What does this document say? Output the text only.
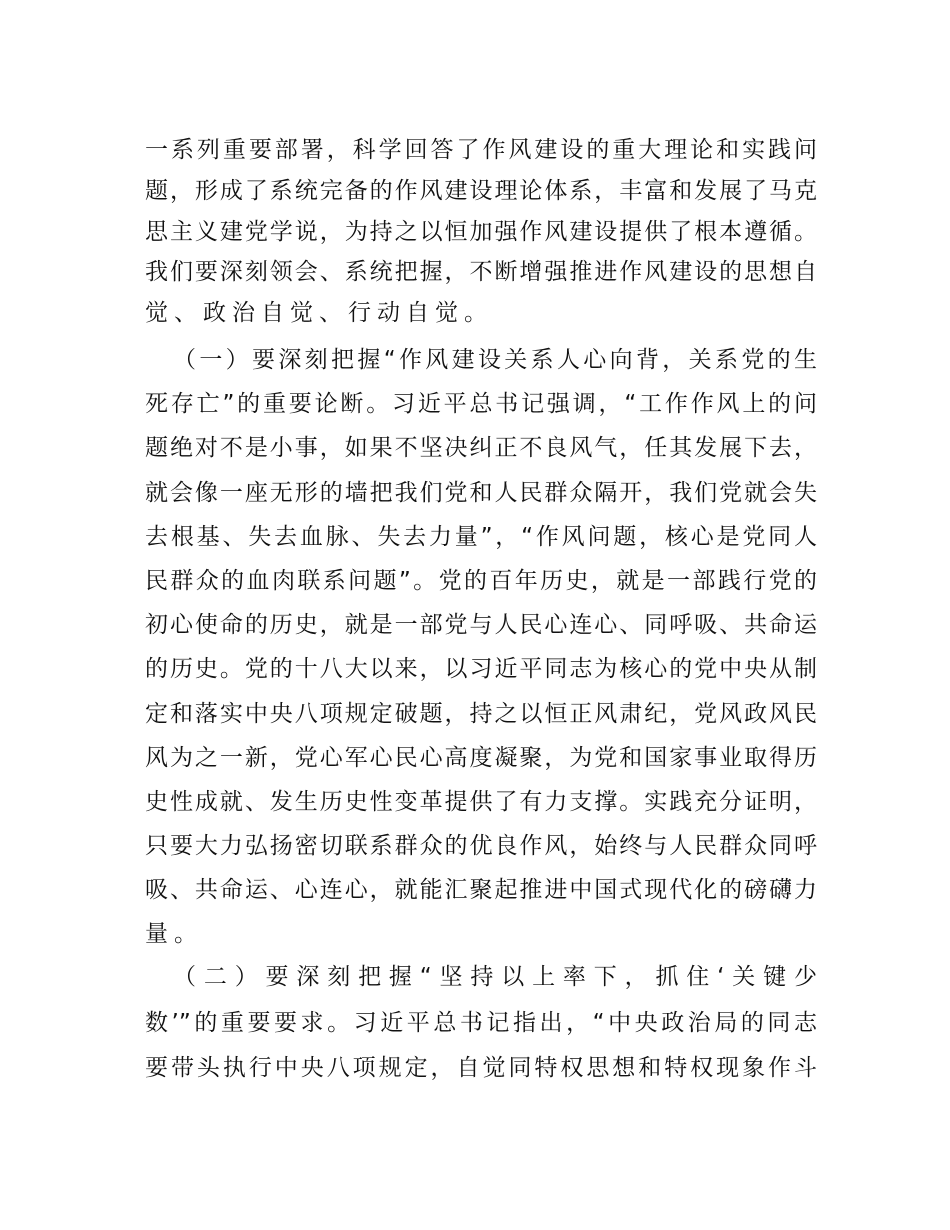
一系列重要部署，科学回答了作风建设的重大理论和实践问
题，形成了系统完备的作风建设理论体系，丰富和发展了马克
思主义建党学说，为持之以恒加强作风建设提供了根本遵循。
我们要深刻领会、系统把握，不断增强推进作风建设的思想自
觉、政治自觉、行动自觉。
（一）要深刻把握“作风建设关系人心向背，关系党的生
死存亡”的重要论断。习近平总书记强调，“工作作风上的问
题绝对不是小事，如果不坚决纠正不良风气，任其发展下去，
就会像一座无形的墙把我们党和人民群众隔开，我们党就会失
去根基、失去血脉、失去力量”，“作风问题，核心是党同人
民群众的血肉联系问题”。党的百年历史，就是一部践行党的
初心使命的历史，就是一部党与人民心连心、同呼吸、共命运
的历史。党的十八大以来，以习近平同志为核心的党中央从制
定和落实中央八项规定破题，持之以恒正风肃纪，党风政风民
风为之一新，党心军心民心高度凝聚，为党和国家事业取得历
史性成就、发生历史性变革提供了有力支撑。实践充分证明，
只要大力弘扬密切联系群众的优良作风，始终与人民群众同呼
吸、共命运、心连心，就能汇聚起推进中国式现代化的磅礴力
量。
（二）要深刻把握“坚持以上率下，抓住‘关键少
数’”的重要要求。习近平总书记指出，“中央政治局的同志
要带头执行中央八项规定，自觉同特权思想和特权现象作斗
